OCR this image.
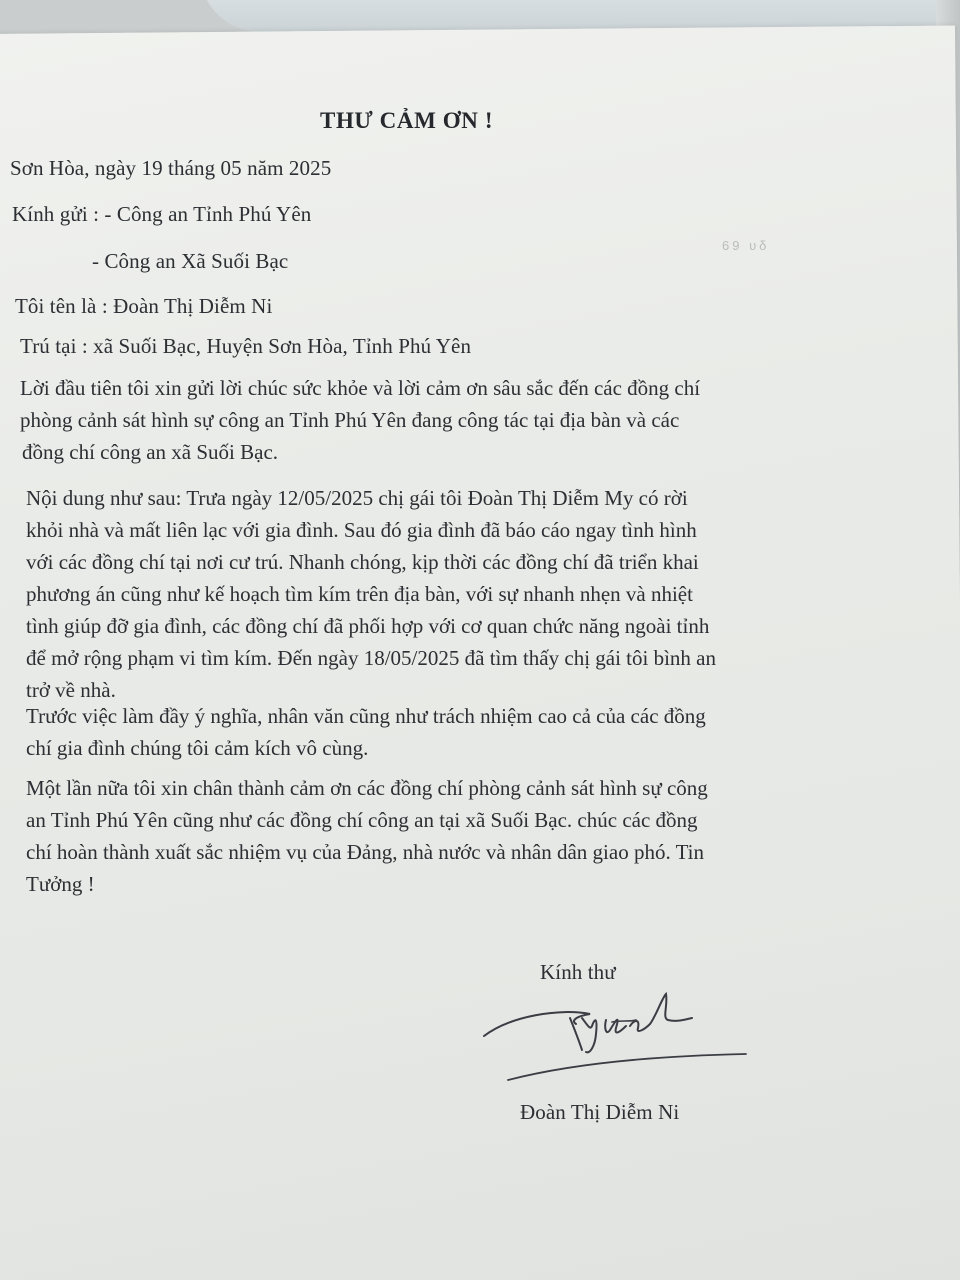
THƯ CẢM ƠN !
Sơn Hòa, ngày 19 tháng 05 năm 2025
Kính gửi : - Công an Tỉnh Phú Yên
- Công an Xã Suối Bạc
Tôi tên là : Đoàn Thị Diễm Ni
Trú tại : xã Suối Bạc, Huyện Sơn Hòa, Tỉnh Phú Yên
69 υδ
Lời đầu tiên tôi xin gửi lời chúc sức khỏe và lời cảm ơn sâu sắc đến các đồng chí
phòng cảnh sát hình sự công an Tỉnh Phú Yên đang công tác tại địa bàn và các
đồng chí công an xã Suối Bạc.
Nội dung như sau: Trưa ngày 12/05/2025 chị gái tôi Đoàn Thị Diễm My có rời
khỏi nhà và mất liên lạc với gia đình. Sau đó gia đình đã báo cáo ngay tình hình
với các đồng chí tại nơi cư trú. Nhanh chóng, kịp thời các đồng chí đã triển khai
phương án cũng như kế hoạch tìm kím trên địa bàn, với sự nhanh nhẹn và nhiệt
tình giúp đỡ gia đình, các đồng chí đã phối hợp với cơ quan chức năng ngoài tỉnh
để mở rộng phạm vi tìm kím. Đến ngày 18/05/2025 đã tìm thấy chị gái tôi bình an
trở về nhà.
Trước việc làm đầy ý nghĩa, nhân văn cũng như trách nhiệm cao cả của các đồng
chí gia đình chúng tôi cảm kích vô cùng.
Một lần nữa tôi xin chân thành cảm ơn các đồng chí phòng cảnh sát hình sự công
an Tỉnh Phú Yên cũng như các đồng chí công an tại xã Suối Bạc. chúc các đồng
chí hoàn thành xuất sắc nhiệm vụ của Đảng, nhà nước và nhân dân giao phó. Tin
Tưởng !
Kính thư
Đoàn Thị Diễm Ni
